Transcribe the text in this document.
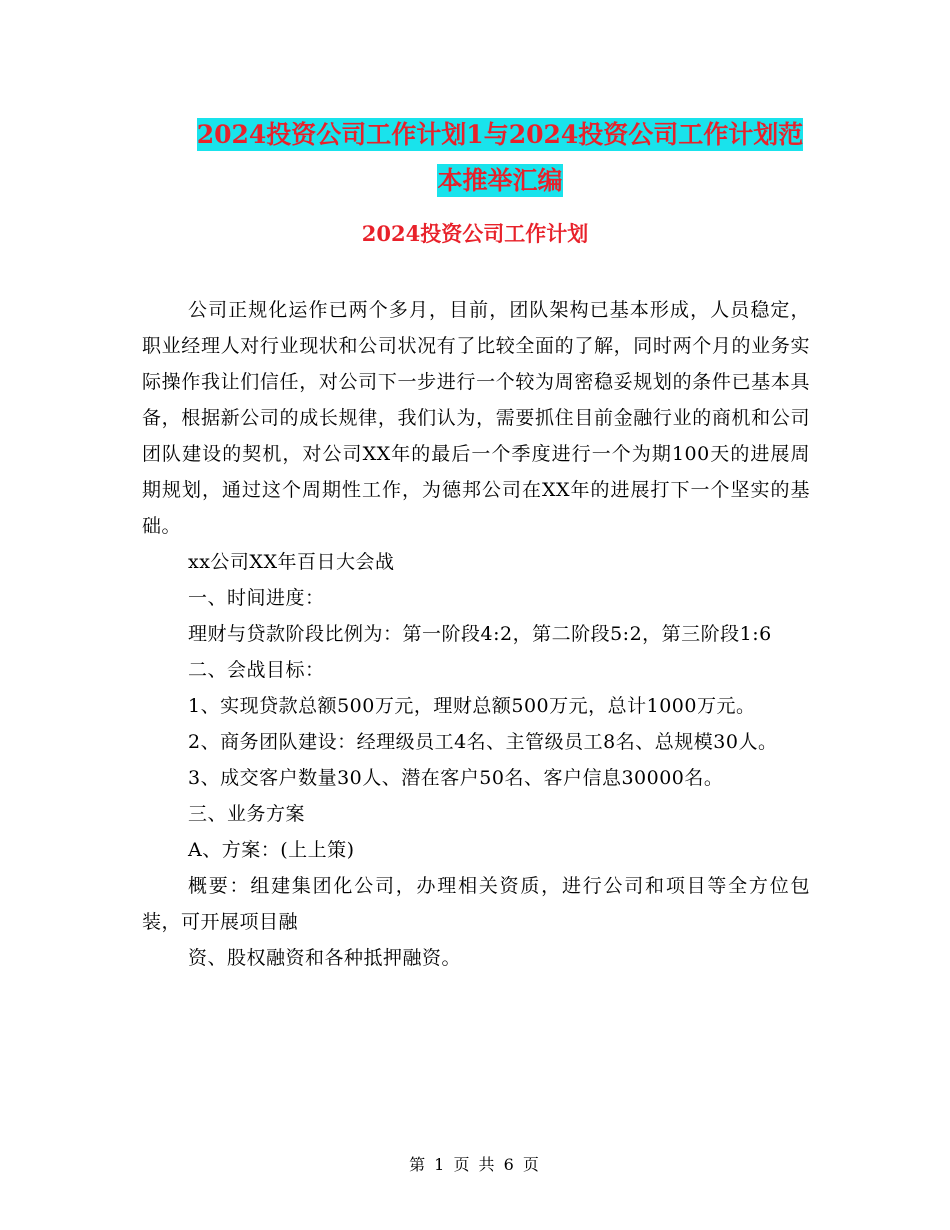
2024投资公司工作计划1与2024投资公司工作计划范
本推举汇编
2024投资公司工作计划

公司正规化运作已两个多月，目前，团队架构已基本形成，人员稳定，职业经理人对行业现状和公司状况有了比较全面的了解，同时两个月的业务实际操作我让们信任，对公司下一步进行一个较为周密稳妥规划的条件已基本具备，根据新公司的成长规律，我们认为，需要抓住目前金融行业的商机和公司团队建设的契机，对公司XX年的最后一个季度进行一个为期100天的进展周期规划，通过这个周期性工作，为德邦公司在XX年的进展打下一个坚实的基础。

xx公司XX年百日大会战

一、时间进度：

理财与贷款阶段比例为：第一阶段4:2，第二阶段5:2，第三阶段1:6

二、会战目标：

1、实现贷款总额500万元，理财总额500万元，总计1000万元。

2、商务团队建设：经理级员工4名、主管级员工8名、总规模30人。

3、成交客户数量30人、潜在客户50名、客户信息30000名。

三、业务方案

A、方案：(上上策)

概要：组建集团化公司，办理相关资质，进行公司和项目等全方位包装，可开展项目融

资、股权融资和各种抵押融资。

第 1 页 共 6 页
